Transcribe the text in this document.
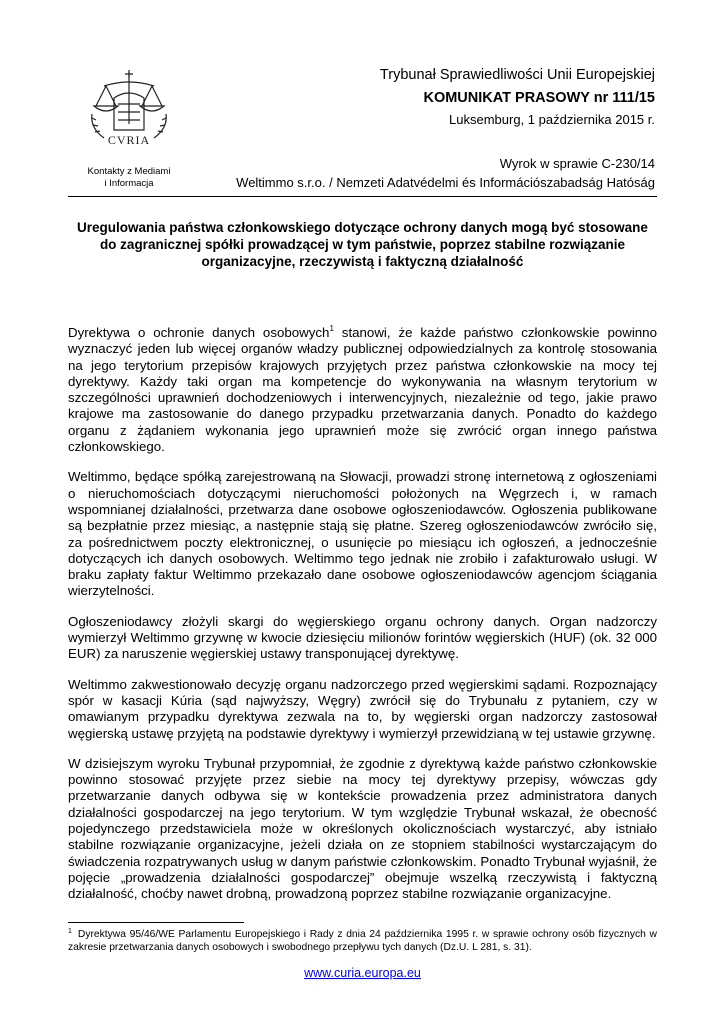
CVRIA
Kontakty z Mediami
i Informacja
Trybunał Sprawiedliwości Unii Europejskiej
KOMUNIKAT PRASOWY nr 111/15
Luksemburg, 1 października 2015 r.
Wyrok w sprawie C-230/14
Weltimmo s.r.o. / Nemzeti Adatvédelmi és Információszabadság Hatóság
Uregulowania państwa członkowskiego dotyczące ochrony danych mogą być stosowane do zagranicznej spółki prowadzącej w tym państwie, poprzez stabilne rozwiązanie organizacyjne, rzeczywistą i faktyczną działalność

Dyrektywa o ochronie danych osobowych$^1$ stanowi, że każde państwo członkowskie powinno wyznaczyć jeden lub więcej organów władzy publicznej odpowiedzialnych za kontrolę stosowania na jego terytorium przepisów krajowych przyjętych przez państwa członkowskie na mocy tej dyrektywy. Każdy taki organ ma kompetencje do wykonywania na własnym terytorium w szczególności uprawnień dochodzeniowych i interwencyjnych, niezależnie od tego, jakie prawo krajowe ma zastosowanie do danego przypadku przetwarzania danych. Ponadto do każdego organu z żądaniem wykonania jego uprawnień może się zwrócić organ innego państwa członkowskiego.

Weltimmo, będące spółką zarejestrowaną na Słowacji, prowadzi stronę internetową z ogłoszeniami o nieruchomościach dotyczącymi nieruchomości położonych na Węgrzech i, w ramach wspomnianej działalności, przetwarza dane osobowe ogłoszeniodawców. Ogłoszenia publikowane są bezpłatnie przez miesiąc, a następnie stają się płatne. Szereg ogłoszeniodawców zwróciło się, za pośrednictwem poczty elektronicznej, o usunięcie po miesiącu ich ogłoszeń, a jednocześnie dotyczących ich danych osobowych. Weltimmo tego jednak nie zrobiło i zafakturowało usługi. W braku zapłaty faktur Weltimmo przekazało dane osobowe ogłoszeniodawców agencjom ściągania wierzytelności.

Ogłoszeniodawcy złożyli skargi do węgierskiego organu ochrony danych. Organ nadzorczy wymierzył Weltimmo grzywnę w kwocie dziesięciu milionów forintów węgierskich (HUF) (ok. 32 000 EUR) za naruszenie węgierskiej ustawy transponującej dyrektywę.

Weltimmo zakwestionowało decyzję organu nadzorczego przed węgierskimi sądami. Rozpoznający spór w kasacji Kúria (sąd najwyższy, Węgry) zwrócił się do Trybunału z pytaniem, czy w omawianym przypadku dyrektywa zezwala na to, by węgierski organ nadzorczy zastosował węgierską ustawę przyjętą na podstawie dyrektywy i wymierzył przewidzianą w tej ustawie grzywnę.

W dzisiejszym wyroku Trybunał przypomniał, że zgodnie z dyrektywą każde państwo członkowskie powinno stosować przyjęte przez siebie na mocy tej dyrektywy przepisy, wówczas gdy przetwarzanie danych odbywa się w kontekście prowadzenia przez administratora danych działalności gospodarczej na jego terytorium. W tym względzie Trybunał wskazał, że obecność pojedynczego przedstawiciela może w określonych okolicznościach wystarczyć, aby istniało stabilne rozwiązanie organizacyjne, jeżeli działa on ze stopniem stabilności wystarczającym do świadczenia rozpatrywanych usług w danym państwie członkowskim. Ponadto Trybunał wyjaśnił, że pojęcie „prowadzenia działalności gospodarczej” obejmuje wszelką rzeczywistą i faktyczną działalność, choćby nawet drobną, prowadzoną poprzez stabilne rozwiązanie organizacyjne.

$^1$ Dyrektywa 95/46/WE Parlamentu Europejskiego i Rady z dnia 24 października 1995 r. w sprawie ochrony osób fizycznych w zakresie przetwarzania danych osobowych i swobodnego przepływu tych danych (Dz.U. L 281, s. 31).
www.curia.europa.eu
